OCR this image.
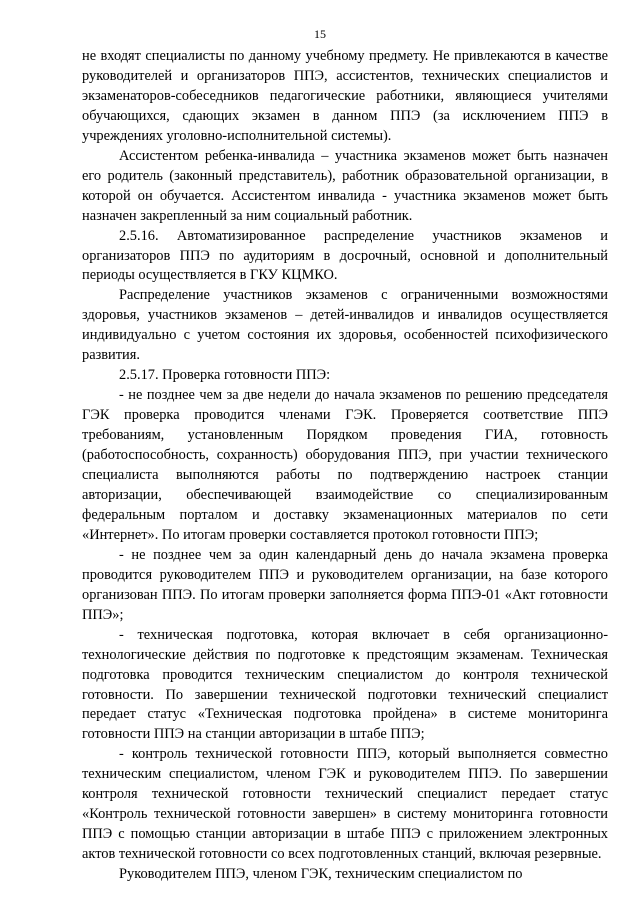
15

не входят специалисты по данному учебному предмету. Не привлекаются в качестве руководителей и организаторов ППЭ, ассистентов, технических специалистов и экзаменаторов-собеседников педагогические работники, являющиеся учителями обучающихся, сдающих экзамен в данном ППЭ (за исключением ППЭ в учреждениях уголовно-исполнительной системы).

Ассистентом ребенка-инвалида – участника экзаменов может быть назначен его родитель (законный представитель), работник образовательной организации, в которой он обучается. Ассистентом инвалида - участника экзаменов может быть назначен закрепленный за ним социальный работник.

2.5.16. Автоматизированное распределение участников экзаменов и организаторов ППЭ по аудиториям в досрочный, основной и дополнительный периоды осуществляется в ГКУ КЦМКО.

Распределение участников экзаменов с ограниченными возможностями здоровья, участников экзаменов – детей-инвалидов и инвалидов осуществляется индивидуально с учетом состояния их здоровья, особенностей психофизического развития.

2.5.17. Проверка готовности ППЭ:

- не позднее чем за две недели до начала экзаменов по решению председателя ГЭК проверка проводится членами ГЭК. Проверяется соответствие ППЭ требованиям, установленным Порядком проведения ГИА, готовность (работоспособность, сохранность) оборудования ППЭ, при участии технического специалиста выполняются работы по подтверждению настроек станции авторизации, обеспечивающей взаимодействие со специализированным федеральным порталом и доставку экзаменационных материалов по сети «Интернет». По итогам проверки составляется протокол готовности ППЭ;

- не позднее чем за один календарный день до начала экзамена проверка проводится руководителем ППЭ и руководителем организации, на базе которого организован ППЭ. По итогам проверки заполняется форма ППЭ-01 «Акт готовности ППЭ»;

- техническая подготовка, которая включает в себя организационно-технологические действия по подготовке к предстоящим экзаменам. Техническая подготовка проводится техническим специалистом до контроля технической готовности. По завершении технической подготовки технический специалист передает статус «Техническая подготовка пройдена» в системе мониторинга готовности ППЭ на станции авторизации в штабе ППЭ;

- контроль технической готовности ППЭ, который выполняется совместно техническим специалистом, членом ГЭК и руководителем ППЭ. По завершении контроля технической готовности технический специалист передает статус «Контроль технической готовности завершен» в систему мониторинга готовности ППЭ с помощью станции авторизации в штабе ППЭ с приложением электронных актов технической готовности со всех подготовленных станций, включая резервные.

Руководителем ППЭ, членом ГЭК, техническим специалистом по
